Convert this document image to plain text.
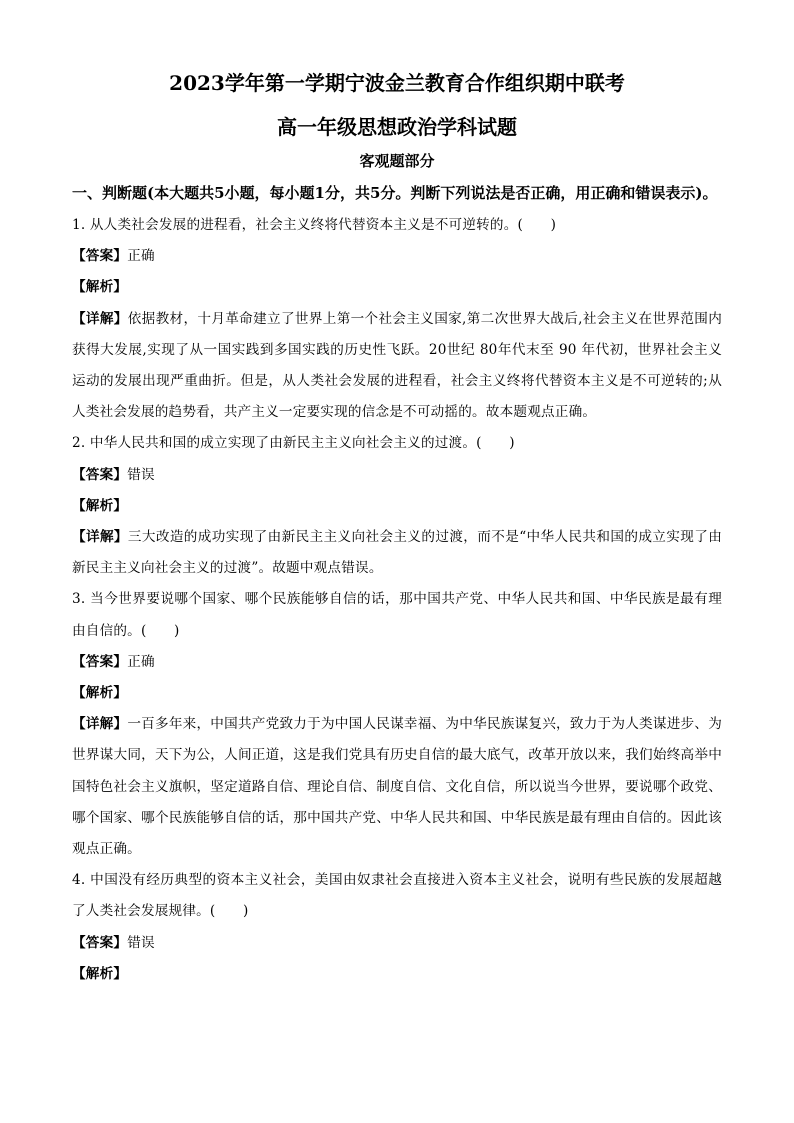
2023学年第一学期宁波金兰教育合作组织期中联考
高一年级思想政治学科试题
客观题部分
一、判断题(本大题共5小题，每小题1分，共5分。判断下列说法是否正确，用正确和错误表示)。

1. 从人类社会发展的进程看，社会主义终将代替资本主义是不可逆转的。(　　)

【答案】正确

【解析】

【详解】依据教材，十月革命建立了世界上第一个社会主义国家,第二次世界大战后,社会主义在世界范围内获得大发展,实现了从一国实践到多国实践的历史性飞跃。20世纪 80年代末至 90 年代初，世界社会主义运动的发展出现严重曲折。但是，从人类社会发展的进程看，社会主义终将代替资本主义是不可逆转的;从人类社会发展的趋势看，共产主义一定要实现的信念是不可动摇的。故本题观点正确。

2. 中华人民共和国的成立实现了由新民主主义向社会主义的过渡。(　　)

【答案】错误

【解析】

【详解】三大改造的成功实现了由新民主主义向社会主义的过渡，而不是“中华人民共和国的成立实现了由新民主主义向社会主义的过渡”。故题中观点错误。

3. 当今世界要说哪个国家、哪个民族能够自信的话，那中国共产党、中华人民共和国、中华民族是最有理由自信的。(　　)

【答案】正确

【解析】

【详解】一百多年来，中国共产党致力于为中国人民谋幸福、为中华民族谋复兴，致力于为人类谋进步、为世界谋大同，天下为公，人间正道，这是我们党具有历史自信的最大底气，改革开放以来，我们始终高举中国特色社会主义旗帜，坚定道路自信、理论自信、制度自信、文化自信，所以说当今世界，要说哪个政党、哪个国家、哪个民族能够自信的话，那中国共产党、中华人民共和国、中华民族是最有理由自信的。因此该观点正确。

4. 中国没有经历典型的资本主义社会，美国由奴隶社会直接进入资本主义社会，说明有些民族的发展超越了人类社会发展规律。(　　)

【答案】错误

【解析】
